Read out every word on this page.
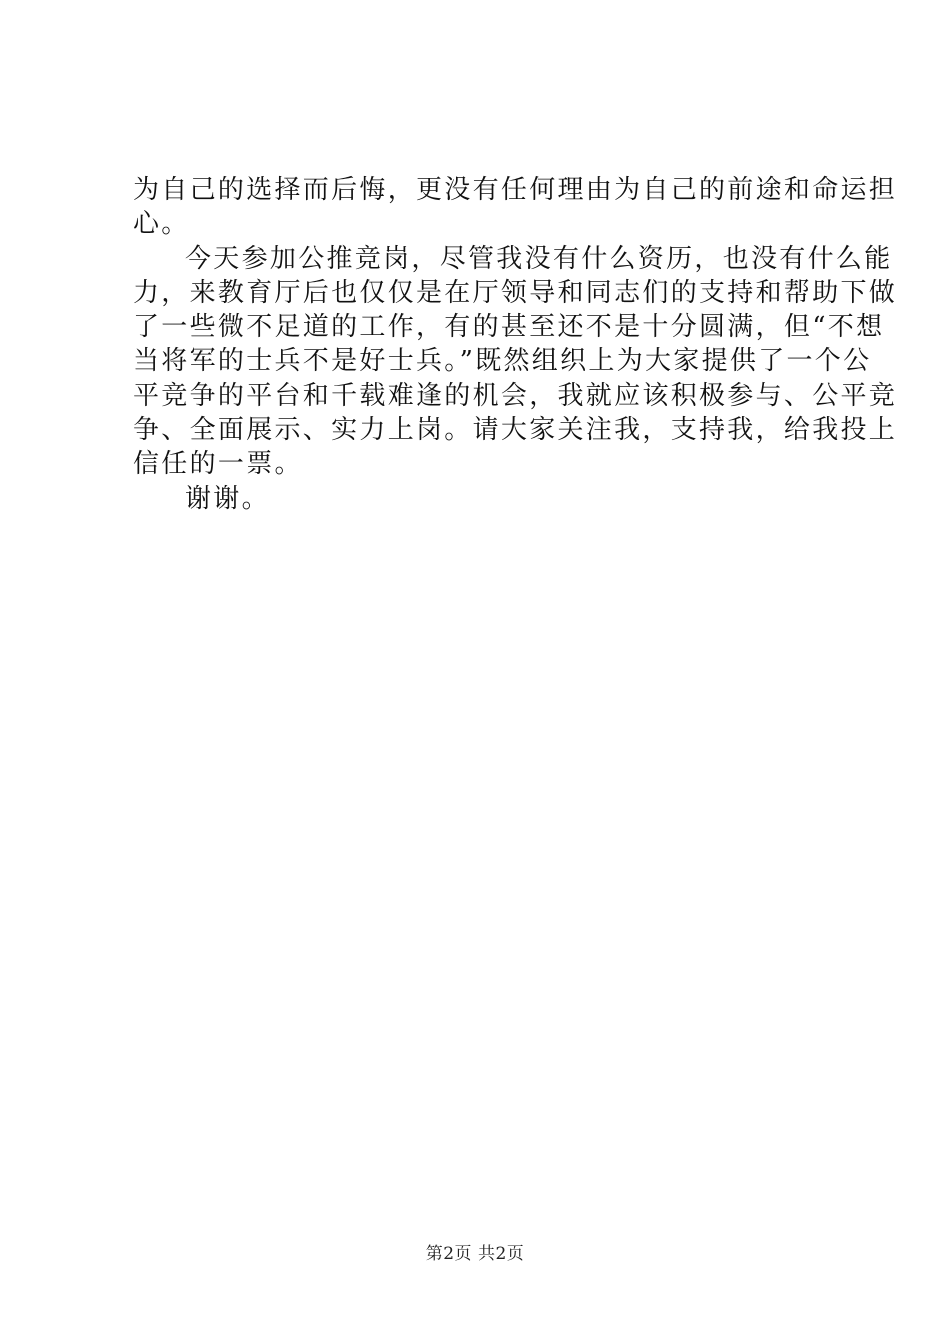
为自己的选择而后悔，更没有任何理由为自己的前途和命运担
心。
今天参加公推竞岗，尽管我没有什么资历，也没有什么能
力，来教育厅后也仅仅是在厅领导和同志们的支持和帮助下做
了一些微不足道的工作，有的甚至还不是十分圆满，但“不想
当将军的士兵不是好士兵。”既然组织上为大家提供了一个公
平竞争的平台和千载难逢的机会，我就应该积极参与、公平竞
争、全面展示、实力上岗。请大家关注我，支持我，给我投上
信任的一票。
谢谢。
第2页 共2页
